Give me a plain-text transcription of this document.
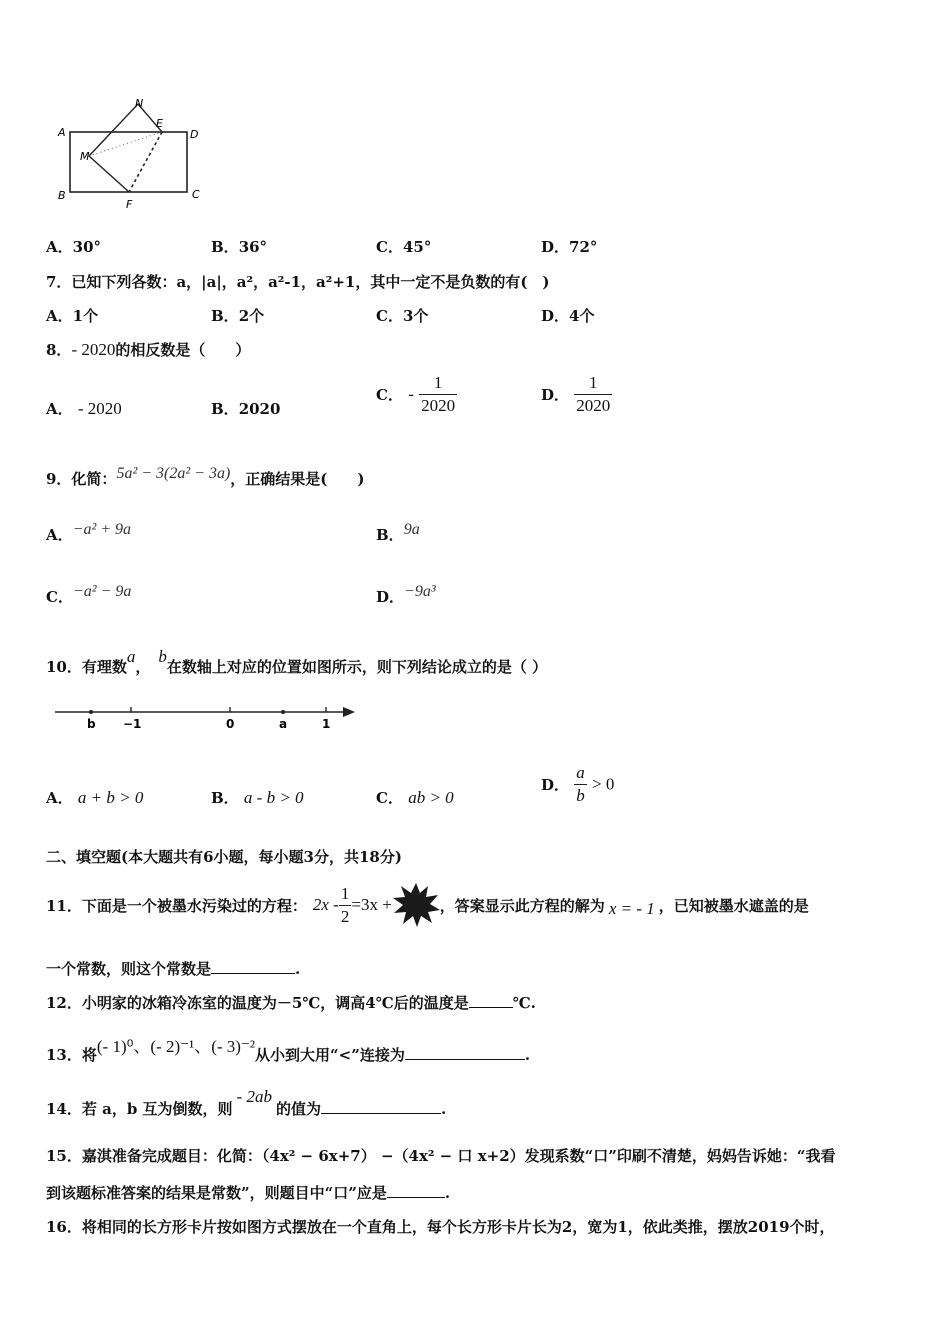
A
B	C
D
E
F
M
N
A．30°	B．36°	C．45°	D．72°
7．已知下列各数：a，|a|，a²，a²-1，a²+1，其中一定不是负数的有(　)
A．1个	B．2个	C．3个	D．4个
8．- 2020的相反数是（　　）
A． - 2020	B．2020
C． - $\frac{1}{2020}$	D． $\frac{1}{2020}$
9．化简：5a² − 3(2a² − 3a)，正确结果是(　　)
A．−a² + 9a	B．9a
C．−a² − 9a	D．−9a³
10．有理数a，b在数轴上对应的位置如图所示，则下列结论成立的是（ ）
b −1	0	a	1
A． a + b > 0	B． a - b > 0	C． ab > 0
D． $\frac{a}{b} > 0$
二、填空题(本大题共有6小题，每小题3分，共18分)
11．下面是一个被墨水污染过的方程： $2x - \frac{1}{2} =3x$ +	，答案显示此方程的解为 x = - 1 ，已知被墨水遮盖的是
一个常数，则这个常数是	.
12．小明家的冰箱冷冻室的温度为－5℃，调高4℃后的温度是	℃.
13．将(- 1)⁰、(- 2)⁻¹、(- 3)⁻²从小到大用“<”连接为	.
14．若 a，b 互为倒数，则- 2ab的值为	.
15．嘉淇准备完成题目：化简：（4x² − 6x+7） −（4x² − 口 x+2）发现系数“口”印刷不清楚，妈妈告诉她：“我看
到该题标准答案的结果是常数”，则题目中“口”应是	.
16．将相同的长方形卡片按如图方式摆放在一个直角上，每个长方形卡片长为2，宽为1，依此类推，摆放2019个时，
